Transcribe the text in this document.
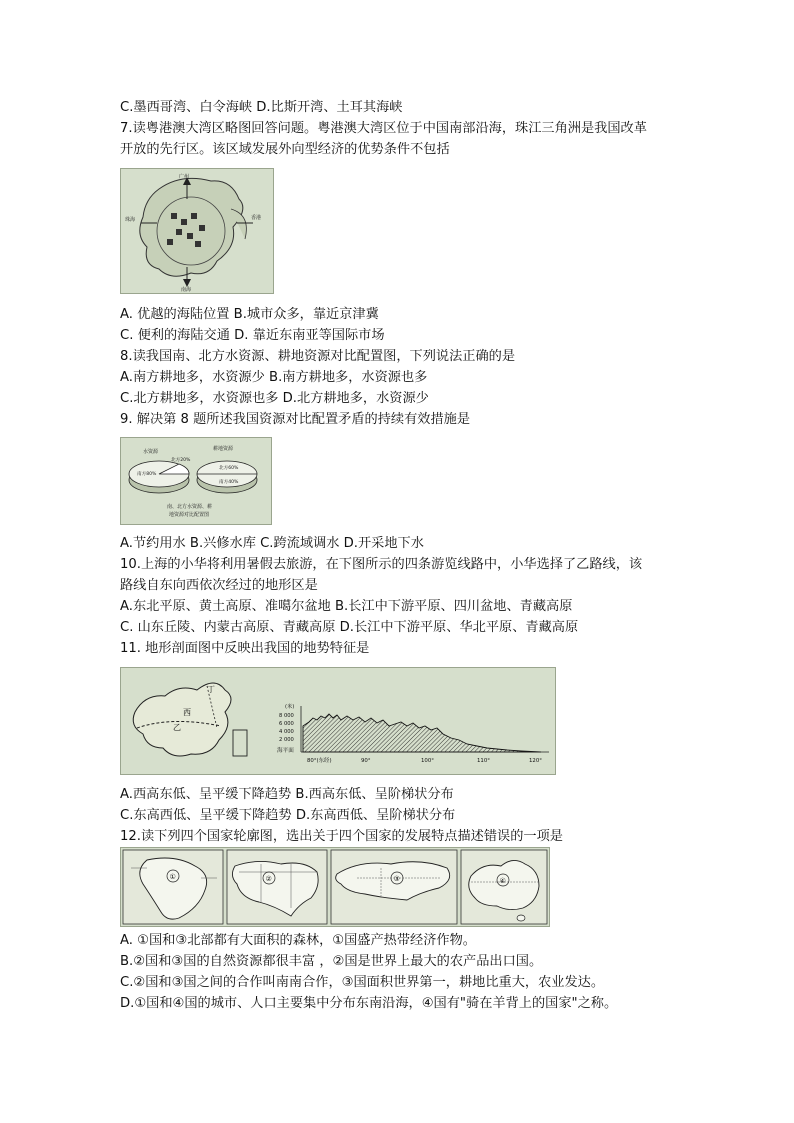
C.墨西哥湾、白令海峡 D.比斯开湾、土耳其海峡
7.读粤港澳大湾区略图回答问题。粤港澳大湾区位于中国南部沿海，珠江三角洲是我国改革
开放的先行区。该区域发展外向型经济的优势条件不包括
广州
珠海	香港
南海
A. 优越的海陆位置 B.城市众多，靠近京津冀
C. 便利的海陆交通 D. 靠近东南亚等国际市场
8.读我国南、北方水资源、耕地资源对比配置图，下列说法正确的是
A.南方耕地多，水资源少 B.南方耕地多，水资源也多
C.北方耕地多，水资源也多 D.北方耕地多，水资源少
9. 解决第 8 题所述我国资源对比配置矛盾的持续有效措施是
水资源
北方20%
南方80%
耕地资源
北方60%
南方40%
南、北方水资源、耕
地资源对比配置图
A.节约用水 B.兴修水库 C.跨流域调水 D.开采地下水
10.上海的小华将利用暑假去旅游，在下图所示的四条游览线路中，小华选择了乙路线，该
路线自东向西依次经过的地形区是
A.东北平原、黄土高原、准噶尔盆地 B.长江中下游平原、四川盆地、青藏高原
C. 山东丘陵、内蒙古高原、青藏高原 D.长江中下游平原、华北平原、青藏高原
11. 地形剖面图中反映出我国的地势特征是
西
乙
丁
(米)
8 000
6 000
4 000
2 000
海平面
80°(东经)	90°	100°	110°	120°
A.西高东低、呈平缓下降趋势 B.西高东低、呈阶梯状分布
C.东高西低、呈平缓下降趋势 D.东高西低、呈阶梯状分布
12.读下列四个国家轮廓图，选出关于四个国家的发展特点描述错误的一项是
①	②	③	④
A. ①国和③北部都有大面积的森林，①国盛产热带经济作物。
B.②国和③国的自然资源都很丰富 ，②国是世界上最大的农产品出口国。
C.②国和③国之间的合作叫南南合作，③国面积世界第一，耕地比重大，农业发达。
D.①国和④国的城市、人口主要集中分布东南沿海，④国有"骑在羊背上的国家"之称。
